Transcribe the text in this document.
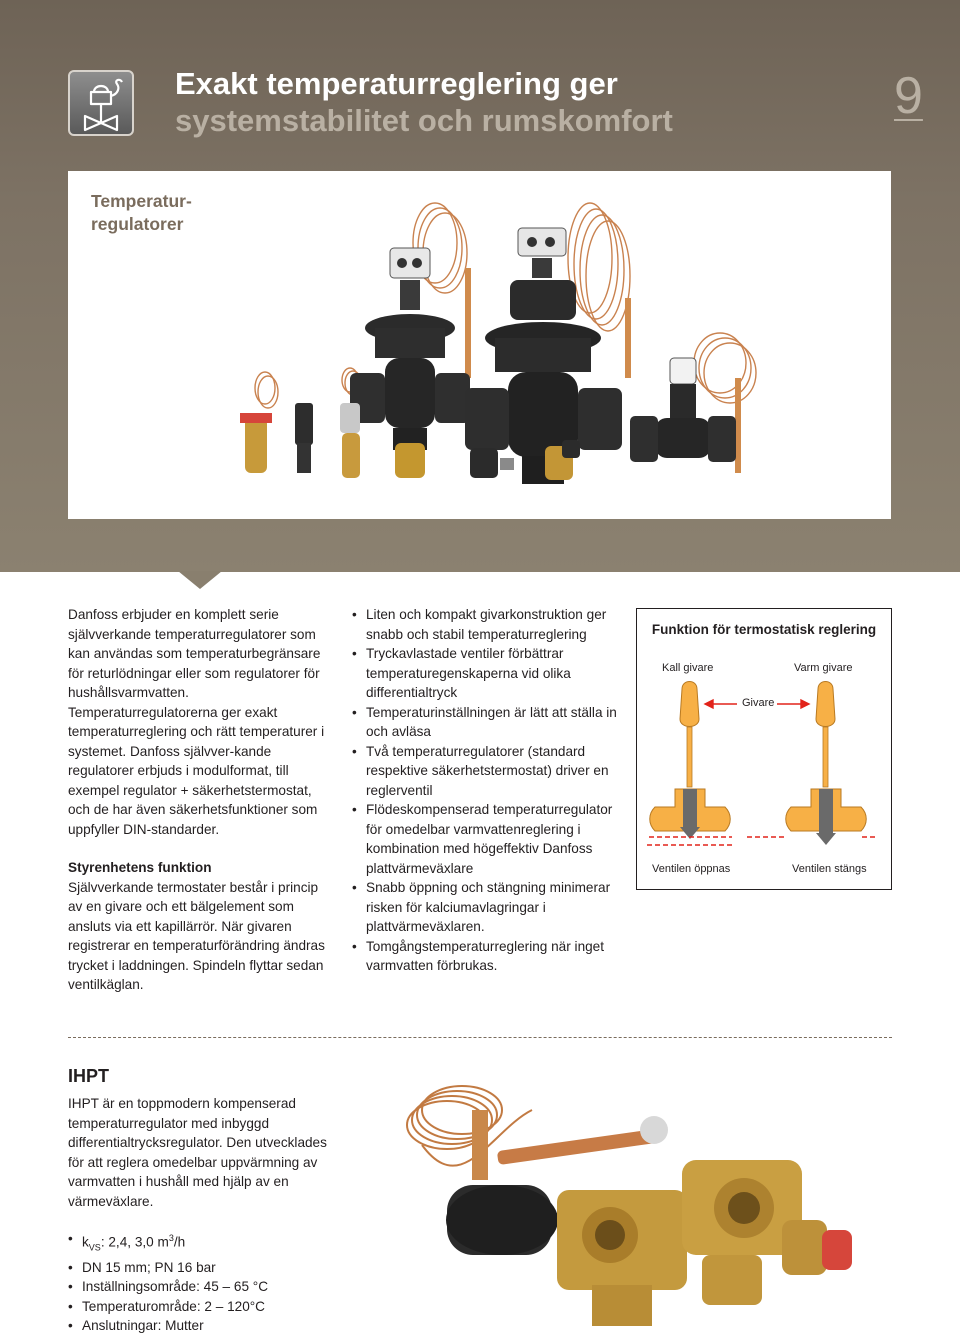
Exakt temperaturreglering ger
systemstabilitet och rumskomfort	9
Temperatur-regulatorer

Danfoss erbjuder en komplett serie självverkande temperaturregulatorer som kan användas som temperaturbegränsare för returlödningar eller som regulatorer för hushållsvarmvatten. Temperaturregulatorerna ger exakt temperaturreglering och rätt temperaturer i systemet. Danfoss självver-kande regulatorer erbjuds i modulformat, till exempel regulator + säkerhetstermostat, och de har även säkerhetsfunktioner som uppfyller DIN-standarder.

Styrenhetens funktion

Självverkande termostater består i princip av en givare och ett bälgelement som ansluts via ett kapillärrör. När givaren registrerar en temperaturförändring ändras trycket i laddningen. Spindeln flyttar sedan ventilkäglan.

• Liten och kompakt givarkonstruktion ger snabb och stabil temperaturreglering
• Tryckavlastade ventiler förbättrar temperaturegenskaperna vid olika differentialtryck
• Temperaturinställningen är lätt att ställa in och avläsa
• Två temperaturregulatorer (standard respektive säkerhetstermostat) driver en reglerventil
• Flödeskompenserad temperaturregulator för omedelbar varmvattenreglering i kombination med högeffektiv Danfoss plattvärmeväxlare
• Snabb öppning och stängning minimerar risken för kalciumavlagringar i plattvärmeväxlaren.
• Tomgångstemperaturreglering när inget varmvatten förbrukas.
Funktion för termostatisk reglering
Kall givare	Varm givare
Givare
Ventilen öppnas	Ventilen stängs
IHPT
IHPT är en toppmodern kompenserad temperaturregulator med inbyggd differentialtrycksregulator. Den utvecklades för att reglera omedelbar uppvärmning av varmvatten i hushåll med hjälp av en värmeväxlare.
• $k_{VS}$: 2,4, 3,0 $m^3/h$
• DN 15 mm; PN 16 bar
• Inställningsområde: 45 – 65 °C
• Temperaturområde: 2 – 120°C
• Anslutningar: Mutter
